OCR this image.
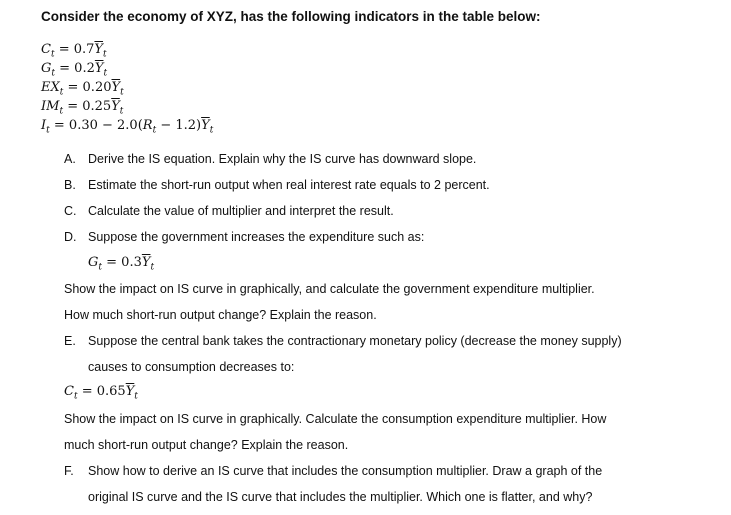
Consider the economy of XYZ, has the following indicators in the table below:
$C_t = 0.7\overline{Y}_t$
$G_t = 0.2\overline{Y}_t$
$EX_t = 0.20\overline{Y}_t$
$IM_t = 0.25\overline{Y}_t$
$I_t = 0.30 - 2.0(R_t - 1.2)\overline{Y}_t$
A. Derive the IS equation. Explain why the IS curve has downward slope.
B. Estimate the short-run output when real interest rate equals to 2 percent.
C. Calculate the value of multiplier and interpret the result.
D. Suppose the government increases the expenditure such as:
$G_t = 0.3\overline{Y}_t$
Show the impact on IS curve in graphically, and calculate the government expenditure multiplier.
How much short-run output change? Explain the reason.
E. Suppose the central bank takes the contractionary monetary policy (decrease the money supply)
causes to consumption decreases to:
$C_t = 0.65\overline{Y}_t$
Show the impact on IS curve in graphically. Calculate the consumption expenditure multiplier. How
much short-run output change? Explain the reason.
F. Show how to derive an IS curve that includes the consumption multiplier. Draw a graph of the
original IS curve and the IS curve that includes the multiplier. Which one is flatter, and why?
